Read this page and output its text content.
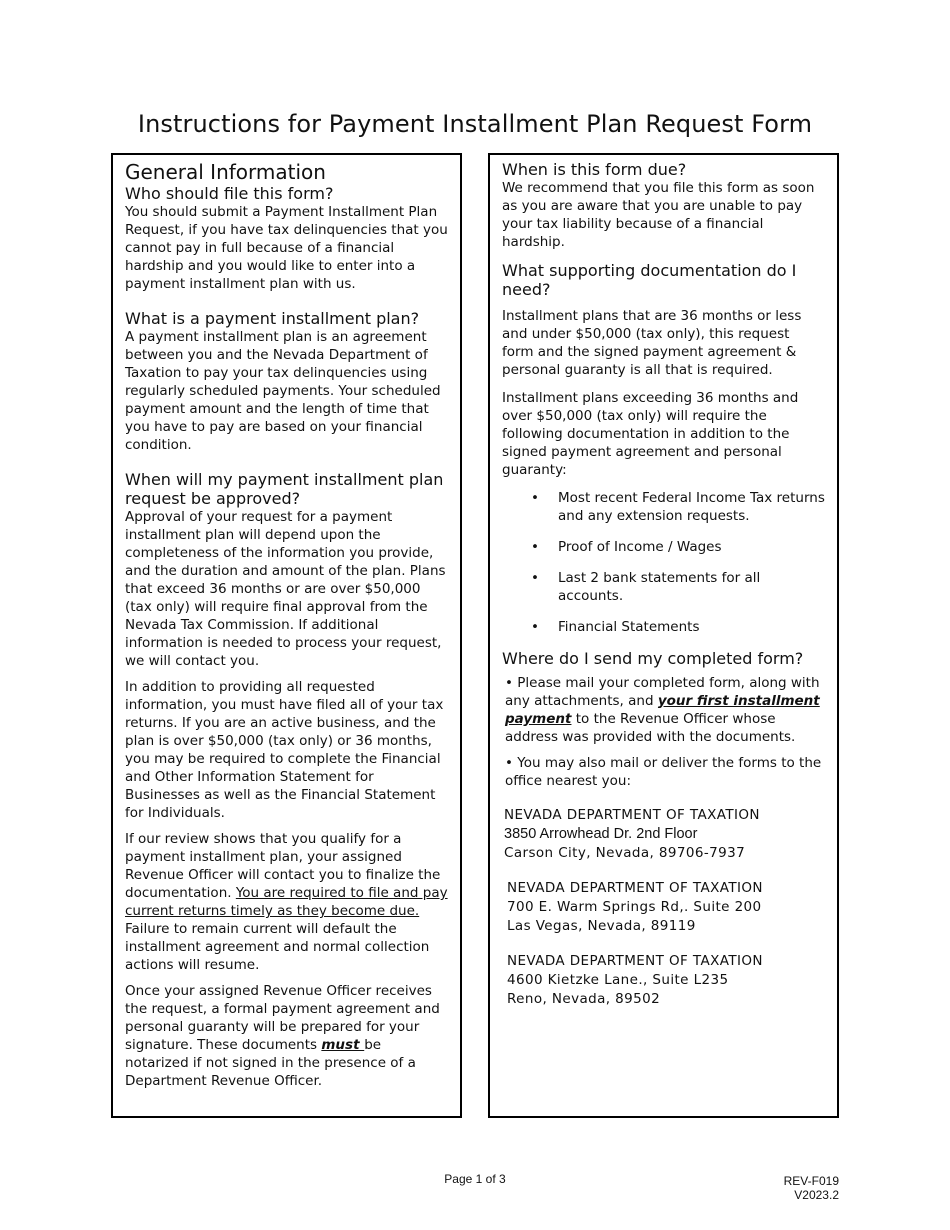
Instructions for Payment Installment Plan Request Form
General Information
Who should file this form?

You should submit a Payment Installment Plan Request, if you have tax delinquencies that you cannot pay in full because of a financial hardship and you would like to enter into a payment installment plan with us.

What is a payment installment plan?

A payment installment plan is an agreement between you and the Nevada Department of Taxation to pay your tax delinquencies using regularly scheduled payments. Your scheduled payment amount and the length of time that you have to pay are based on your financial condition.

When will my payment installment plan request be approved?

Approval of your request for a payment installment plan will depend upon the completeness of the information you provide, and the duration and amount of the plan. Plans that exceed 36 months or are over $50,000 (tax only) will require final approval from the Nevada Tax Commission. If additional information is needed to process your request, we will contact you.

In addition to providing all requested information, you must have filed all of your tax returns. If you are an active business, and the plan is over $50,000 (tax only) or 36 months, you may be required to complete the Financial and Other Information Statement for Businesses as well as the Financial Statement for Individuals.

If our review shows that you qualify for a payment installment plan, your assigned Revenue Officer will contact you to finalize the documentation. You are required to file and pay current returns timely as they become due. Failure to remain current will default the installment agreement and normal collection actions will resume.

Once your assigned Revenue Officer receives the request, a formal payment agreement and personal guaranty will be prepared for your signature. These documents must be notarized if not signed in the presence of a Department Revenue Officer.

When is this form due?

We recommend that you file this form as soon as you are aware that you are unable to pay your tax liability because of a financial hardship.

What supporting documentation do I need?

Installment plans that are 36 months or less and under $50,000 (tax only), this request form and the signed payment agreement & personal guaranty is all that is required.

Installment plans exceeding 36 months and over $50,000 (tax only) will require the following documentation in addition to the signed payment agreement and personal guaranty:

• Most recent Federal Income Tax returns and any extension requests.
• Proof of Income / Wages
• Last 2 bank statements for all accounts.
• Financial Statements
Where do I send my completed form?

• Please mail your completed form, along with any attachments, and your first installment payment to the Revenue Officer whose address was provided with the documents.

• You may also mail or deliver the forms to the office nearest you:

NEVADA DEPARTMENT OF TAXATION

3850 Arrowhead Dr. 2nd Floor

Carson City, Nevada, 89706-7937

NEVADA DEPARTMENT OF TAXATION

700 E. Warm Springs Rd,. Suite 200

Las Vegas, Nevada, 89119

NEVADA DEPARTMENT OF TAXATION

4600 Kietzke Lane., Suite L235

Reno, Nevada, 89502

Page 1 of 3	REV-F019
V2023.2
